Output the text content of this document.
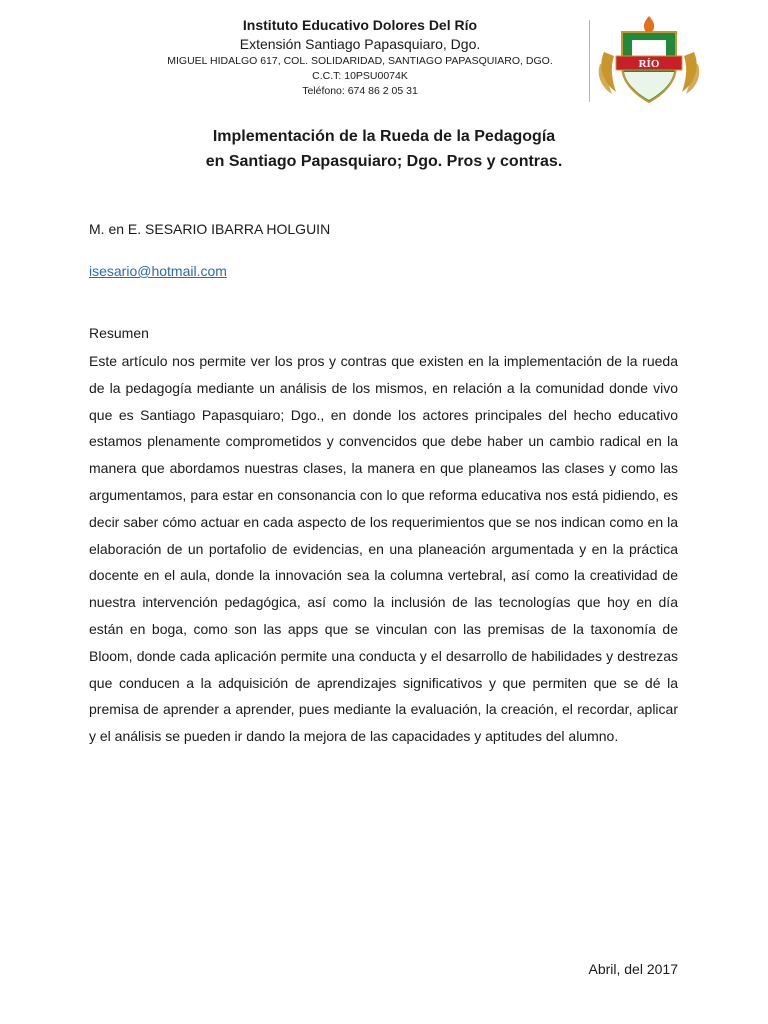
Instituto Educativo Dolores Del Río
Extensión Santiago Papasquiaro, Dgo.
MIGUEL HIDALGO 617, COL. SOLIDARIDAD, SANTIAGO PAPASQUIARO, DGO.
C.C.T: 10PSU0074K
Teléfono: 674 86 2 05 31
RÍO
Implementación de la Rueda de la Pedagogía
en Santiago Papasquiaro; Dgo. Pros y contras.
M. en E. SESARIO IBARRA HOLGUIN
isesario@hotmail.com
Resumen

Este artículo nos permite ver los pros y contras que existen en la implementación de la rueda de la pedagogía mediante un análisis de los mismos, en relación a la comunidad donde vivo que es Santiago Papasquiaro; Dgo., en donde los actores principales del hecho educativo estamos plenamente comprometidos y convencidos que debe haber un cambio radical en la manera que abordamos nuestras clases, la manera en que planeamos las clases y como las argumentamos, para estar en consonancia con lo que reforma educativa nos está pidiendo, es decir saber cómo actuar en cada aspecto de los requerimientos que se nos indican como en la elaboración de un portafolio de evidencias, en una planeación argumentada y en la práctica docente en el aula, donde la innovación sea la columna vertebral, así como la creatividad de nuestra intervención pedagógica, así como la inclusión de las tecnologías que hoy en día están en boga, como son las apps que se vinculan con las premisas de la taxonomía de Bloom, donde cada aplicación permite una conducta y el desarrollo de habilidades y destrezas que conducen a la adquisición de aprendizajes significativos y que permiten que se dé la premisa de aprender a aprender, pues mediante la evaluación, la creación, el recordar, aplicar y el análisis se pueden ir dando la mejora de las capacidades y aptitudes del alumno.

Abril, del 2017
